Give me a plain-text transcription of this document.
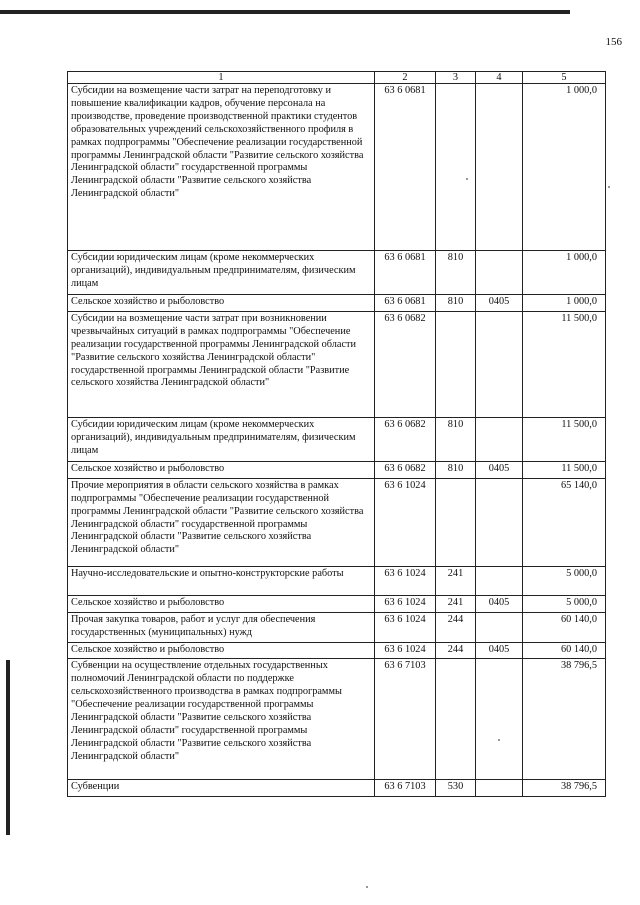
156
1	2	3	4	5
Субсидии на возмещение части затрат на переподготовку и повышение квалификации кадров, обучение персонала на производстве, проведение производственной практики студентов образовательных учреждений сельскохозяйственного профиля в рамках подпрограммы "Обеспечение реализации государственной программы Ленинградской области "Развитие сельского хозяйства Ленинградской области" государственной программы Ленинградской области "Развитие сельского хозяйства Ленинградской области"	63 6 0681			1 000,0
Субсидии юридическим лицам (кроме некоммерческих организаций), индивидуальным предпринимателям, физическим лицам	63 6 0681	810		1 000,0
Сельское хозяйство и рыболовство	63 6 0681	810	0405	1 000,0
Субсидии на возмещение части затрат при возникновении чрезвычайных ситуаций в рамках подпрограммы "Обеспечение реализации государственной программы Ленинградской области "Развитие сельского хозяйства Ленинградской области" государственной программы Ленинградской области "Развитие сельского хозяйства Ленинградской области"	63 6 0682			11 500,0
Субсидии юридическим лицам (кроме некоммерческих организаций), индивидуальным предпринимателям, физическим лицам	63 6 0682	810		11 500,0
Сельское хозяйство и рыболовство	63 6 0682	810	0405	11 500,0
Прочие мероприятия в области сельского хозяйства в рамках подпрограммы "Обеспечение реализации государственной программы Ленинградской области "Развитие сельского хозяйства Ленинградской области" государственной программы Ленинградской области "Развитие сельского хозяйства Ленинградской области"	63 6 1024			65 140,0
Научно-исследовательские и опытно-конструкторские работы	63 6 1024	241		5 000,0
Сельское хозяйство и рыболовство	63 6 1024	241	0405	5 000,0
Прочая закупка товаров, работ и услуг для обеспечения государственных (муниципальных) нужд	63 6 1024	244		60 140,0
Сельское хозяйство и рыболовство	63 6 1024	244	0405	60 140,0
Субвенции на осуществление отдельных государственных полномочий Ленинградской области по поддержке сельскохозяйственного производства в рамках подпрограммы "Обеспечение реализации государственной программы Ленинградской области "Развитие сельского хозяйства Ленинградской области" государственной программы Ленинградской области "Развитие сельского хозяйства Ленинградской области"	63 6 7103			38 796,5
Субвенции	63 6 7103	530		38 796,5
